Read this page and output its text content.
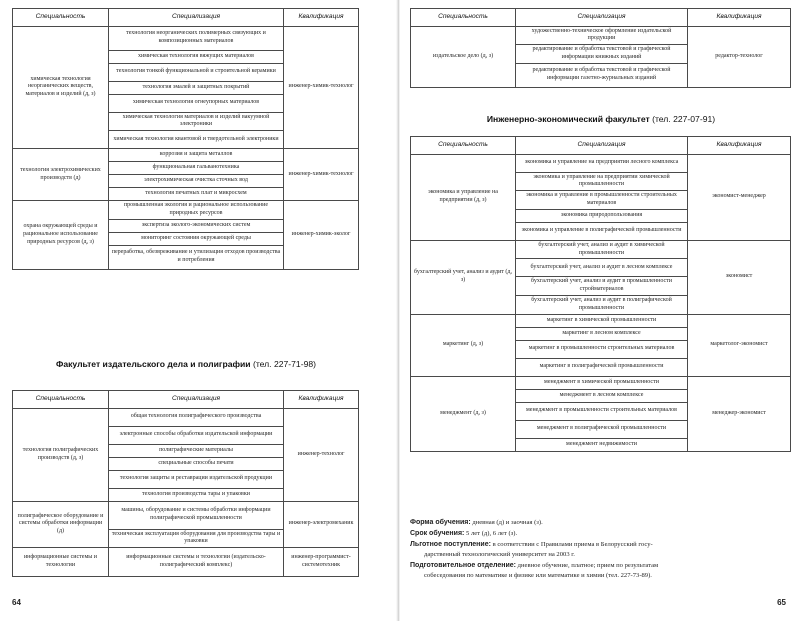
Специальность	Специализация	Квалификация
химическая технология неорганических веществ, материалов и изделий (д, з)	технология неорганических полимерных связующих и композиционных материалов	инженер-химик-технолог
	химическая технология вяжущих материалов	
	технология тонкой функциональной и строительной керамики	
	технология эмалей и защитных покрытий	
	химическая технология огнеупорных материалов	
	химическая технология материалов и изделий вакуумной электроники	
	химическая технология квантовой и твердотельной электроники	
технология электрохимических производств (д)	коррозия и защита металлов	инженер-химик-технолог
	функциональная гальванотехника	
	электрохимическая очистка сточных вод	
	технология печатных плат и микросхем	
охрана окружающей среды и рациональное использование природных ресурсов (д, з)	промышленная экология и рациональное использование природных ресурсов	инженер-химик-эколог
	экспертиза эколого-экономических систем	
	мониторинг состояния окружающей среды	
	переработка, обезвреживание и утилизация отходов производства и потребления	
Факультет издательского дела и полиграфии (тел. 227-71-98)
Специальность	Специализация	Квалификация
технология полиграфических производств (д, з)	общая технология полиграфического производства	инженер-технолог
	электронные способы обработки издательской информации	
	полиграфические материалы	
	специальные способы печати	
	технология защиты и реставрации издательской продукции	
	технология производства тары и упаковки	
полиграфическое оборудование и системы обработки информации (д)	машины, оборудование и системы обработки информации полиграфической промышленности	инженер-электромеханик
	техническая эксплуатация оборудования для производства тары и упаковки	
информационные системы и технологии	информационные системы и технологии (издательско-полиграфический комплекс)	инженер-программист-системотехник
64
Специальность	Специализация	Квалификация
издательское дело (д, з)	художественно-техническое оформление издательской продукции	редактор-технолог
	редактирование и обработка текстовой и графической информации книжных изданий	
	редактирование и обработка текстовой и графической информации газетно-журнальных изданий	
Инженерно-экономический факультет (тел. 227-07-91)
Специальность	Специализация	Квалификация
экономика и управление на предприятии (д, з)	экономика и управление на предприятии лесного комплекса	экономист-менеджер
	экономика и управление на предприятии химической промышленности	
	экономика и управление в промышленности строительных материалов	
	экономика природопользования	
	экономика и управление в полиграфической промышленности	
бухгалтерский учет, анализ и аудит (д, з)	бухгалтерский учет, анализ и аудит в химической промышленности	экономист
	бухгалтерский учет, анализ и аудит в лесном комплексе	
	бухгалтерский учет, анализ и аудит в промышленности стройматериалов	
	бухгалтерский учет, анализ и аудит в полиграфической промышленности	
маркетинг (д, з)	маркетинг в химической промышленности	маркетолог-экономист
	маркетинг в лесном комплексе	
	маркетинг в промышленности строительных материалов	
	маркетинг в полиграфической промышленности	
менеджмент (д, з)	менеджмент в химической промышленности	менеджер-экономист
	менеджмент в лесном комплексе	
	менеджмент в промышленности строительных материалов	
	менеджмент в полиграфической промышленности	
	менеджмент недвижимости	
Форма обучения: дневная (д) и заочная (з).
Срок обучения: 5 лет (д), 6 лет (з).
Льготное поступление: в соответствии с Правилами приема в Белорусский госу-
дарственный технологический университет на 2003 г.
Подготовительное отделение: дневное обучение, платное; прием по результатам
собеседования по математике и физике или математике и химии (тел. 227-73-89).
65
